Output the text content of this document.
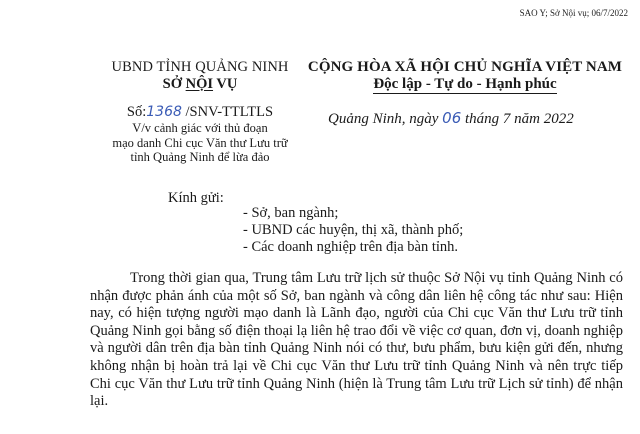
SAO Y; Sở Nội vụ; 06/7/2022
UBND TỈNH QUẢNG NINH
SỞ NỘI VỤ
CỘNG HÒA XÃ HỘI CHỦ NGHĨA VIỆT NAM
Độc lập - Tự do - Hạnh phúc
Số:1368 /SNV-TTLTLS
V/v cảnh giác với thủ đoạn
mạo danh Chi cục Văn thư Lưu trữ
tỉnh Quảng Ninh để lừa đảo
Quảng Ninh, ngày 06 tháng 7 năm 2022
Kính gửi:
- Sở, ban ngành;
- UBND các huyện, thị xã, thành phố;
- Các doanh nghiệp trên địa bàn tỉnh.

Trong thời gian qua, Trung tâm Lưu trữ lịch sử thuộc Sở Nội vụ tỉnh Quảng Ninh có nhận được phản ánh của một số Sở, ban ngành và công dân liên hệ công tác như sau: Hiện nay, có hiện tượng người mạo danh là Lãnh đạo, người của Chi cục Văn thư Lưu trữ tỉnh Quảng Ninh gọi bằng số điện thoại lạ liên hệ trao đổi về việc cơ quan, đơn vị, doanh nghiệp và người dân trên địa bàn tỉnh Quảng Ninh nói có thư, bưu phẩm, bưu kiện gửi đến, nhưng không nhận bị hoàn trả lại về Chi cục Văn thư Lưu trữ tỉnh Quảng Ninh và nên trực tiếp Chi cục Văn thư Lưu trữ tỉnh Quảng Ninh (hiện là Trung tâm Lưu trữ Lịch sử tỉnh) để nhận lại.
